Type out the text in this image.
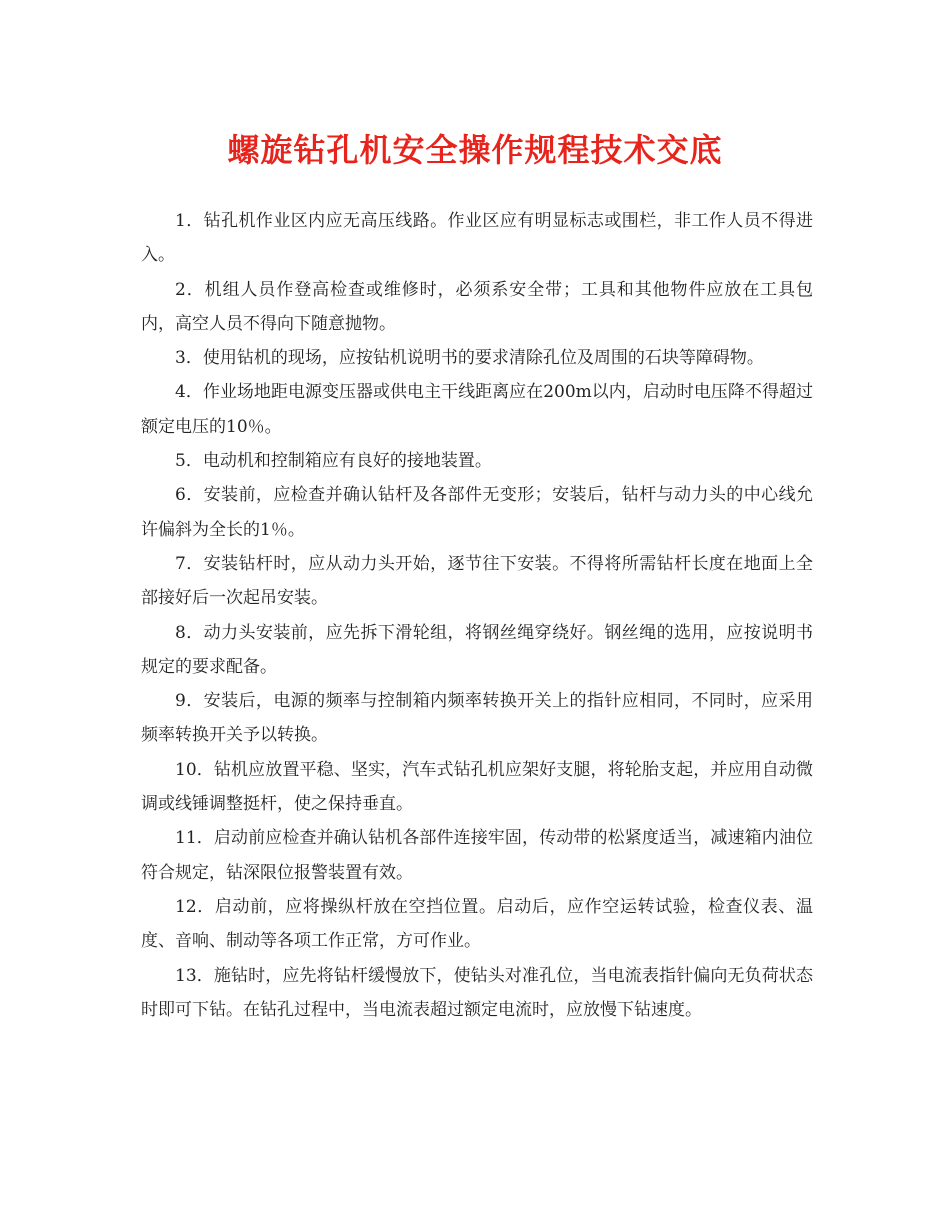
螺旋钻孔机安全操作规程技术交底

1．钻孔机作业区内应无高压线路。作业区应有明显标志或围栏，非工作人员不得进入。

2．机组人员作登高检查或维修时，必须系安全带；工具和其他物件应放在工具包内，高空人员不得向下随意抛物。

3．使用钻机的现场，应按钻机说明书的要求清除孔位及周围的石块等障碍物。

4．作业场地距电源变压器或供电主干线距离应在200m以内，启动时电压降不得超过额定电压的10％。

5．电动机和控制箱应有良好的接地装置。

6．安装前，应检查并确认钻杆及各部件无变形；安装后，钻杆与动力头的中心线允许偏斜为全长的1％。

7．安装钻杆时，应从动力头开始，逐节往下安装。不得将所需钻杆长度在地面上全部接好后一次起吊安装。

8．动力头安装前，应先拆下滑轮组，将钢丝绳穿绕好。钢丝绳的选用，应按说明书规定的要求配备。

9．安装后，电源的频率与控制箱内频率转换开关上的指针应相同，不同时，应采用频率转换开关予以转换。

10．钻机应放置平稳、坚实，汽车式钻孔机应架好支腿，将轮胎支起，并应用自动微调或线锤调整挺杆，使之保持垂直。

11．启动前应检查并确认钻机各部件连接牢固，传动带的松紧度适当，减速箱内油位符合规定，钻深限位报警装置有效。

12．启动前，应将操纵杆放在空挡位置。启动后，应作空运转试验，检查仪表、温度、音响、制动等各项工作正常，方可作业。

13．施钻时，应先将钻杆缓慢放下，使钻头对准孔位，当电流表指针偏向无负荷状态时即可下钻。在钻孔过程中，当电流表超过额定电流时，应放慢下钻速度。
